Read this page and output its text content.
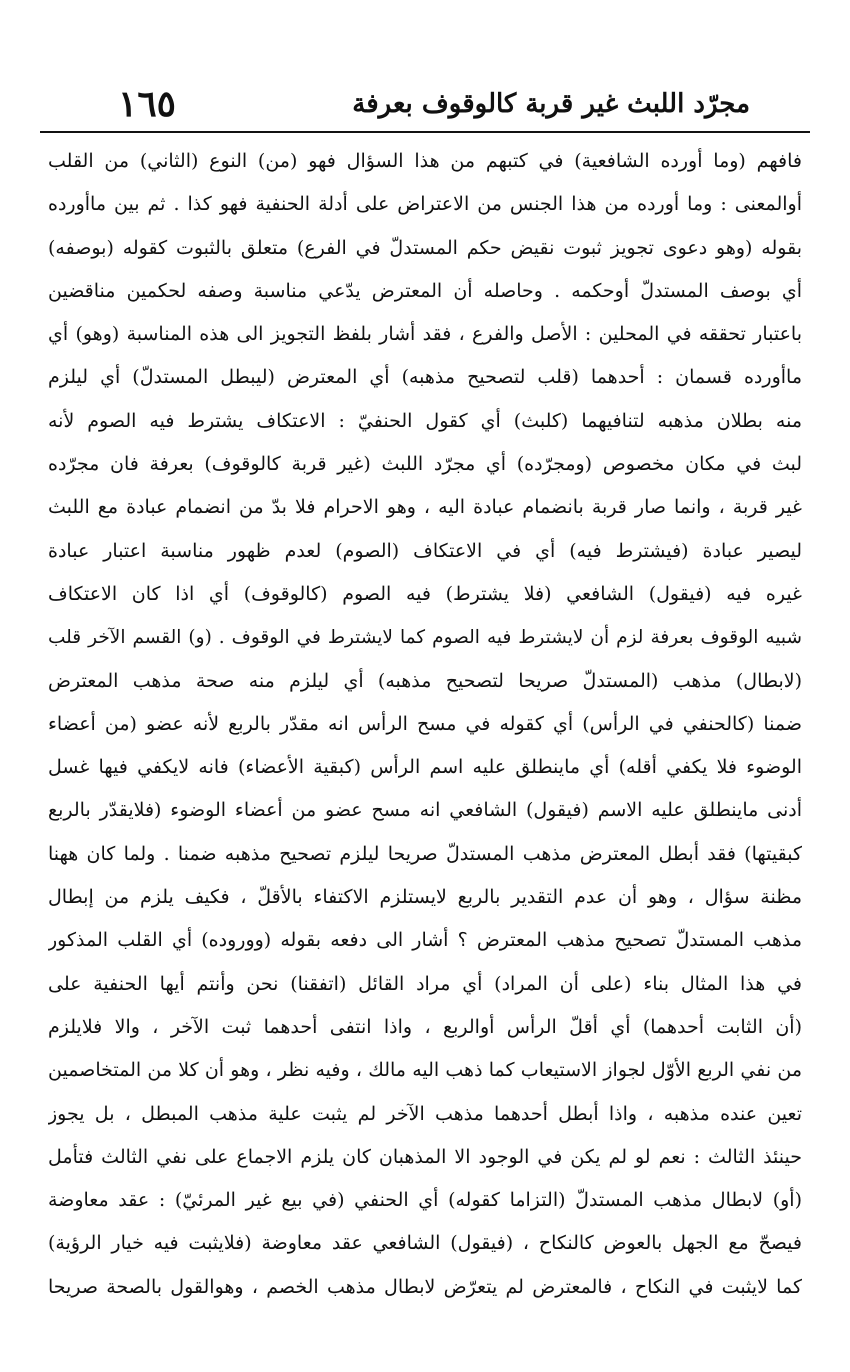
١٦٥	مجرّد اللبث غير قربة كالوقوف بعرفة
فافهم (وما أورده الشافعية) في كتبهم من هذا السؤال فهو (من) النوع (الثاني) من القلب
أوالمعنى : وما أورده من هذا الجنس من الاعتراض على أدلة الحنفية فهو كذا . ثم بين ماأورده
بقوله (وهو دعوى تجويز ثبوت نقيض حكم المستدلّ في الفرع) متعلق بالثبوت كقوله (بوصفه)
أي بوصف المستدلّ أوحكمه . وحاصله أن المعترض يدّعي مناسبة وصفه لحكمين مناقضين
باعتبار تحققه في المحلين : الأصل والفرع ، فقد أشار بلفظ التجويز الى هذه المناسبة (وهو) أي
ماأورده قسمان : أحدهما (قلب لتصحيح مذهبه) أي المعترض (ليبطل المستدلّ) أي ليلزم
منه بطلان مذهبه لتنافيهما (كلبث) أي كقول الحنفيّ : الاعتكاف يشترط فيه الصوم لأنه
لبث في مكان مخصوص (ومجرّده) أي مجرّد اللبث (غير قربة كالوقوف) بعرفة فان مجرّده
غير قربة ، وانما صار قربة بانضمام عبادة اليه ، وهو الاحرام فلا بدّ من انضمام عبادة مع اللبث
ليصير عبادة (فيشترط فيه) أي في الاعتكاف (الصوم) لعدم ظهور مناسبة اعتبار عبادة
غيره فيه (فيقول) الشافعي (فلا يشترط) فيه الصوم (كالوقوف) أي اذا كان الاعتكاف
شبيه الوقوف بعرفة لزم أن لايشترط فيه الصوم كما لايشترط في الوقوف . (و) القسم الآخر قلب
(لابطال) مذهب (المستدلّ صريحا لتصحيح مذهبه) أي ليلزم منه صحة مذهب المعترض
ضمنا (كالحنفي في الرأس) أي كقوله في مسح الرأس انه مقدّر بالربع لأنه عضو (من أعضاء
الوضوء فلا يكفي أقله) أي ماينطلق عليه اسم الرأس (كبقية الأعضاء) فانه لايكفي فيها غسل
أدنى ماينطلق عليه الاسم (فيقول) الشافعي انه مسح عضو من أعضاء الوضوء (فلايقدّر بالربع
كبقيتها) فقد أبطل المعترض مذهب المستدلّ صريحا ليلزم تصحيح مذهبه ضمنا . ولما كان ههنا
مظنة سؤال ، وهو أن عدم التقدير بالربع لايستلزم الاكتفاء بالأقلّ ، فكيف يلزم من إبطال
مذهب المستدلّ تصحيح مذهب المعترض ؟ أشار الى دفعه بقوله (ووروده) أي القلب المذكور
في هذا المثال بناء (على أن المراد) أي مراد القائل (اتفقنا) نحن وأنتم أيها الحنفية على
(أن الثابت أحدهما) أي أقلّ الرأس أوالربع ، واذا انتفى أحدهما ثبت الآخر ، والا فلايلزم
من نفي الربع الأوّل لجواز الاستيعاب كما ذهب اليه مالك ، وفيه نظر ، وهو أن كلا من المتخاصمين
تعين عنده مذهبه ، واذا أبطل أحدهما مذهب الآخر لم يثبت علية مذهب المبطل ، بل يجوز
حينئذ الثالث : نعم لو لم يكن في الوجود الا المذهبان كان يلزم الاجماع على نفي الثالث فتأمل
(أو) لابطال مذهب المستدلّ (التزاما كقوله) أي الحنفي (في بيع غير المرئيّ) : عقد معاوضة
فيصحّ مع الجهل بالعوض كالنكاح ، (فيقول) الشافعي عقد معاوضة (فلايثبت فيه خيار الرؤية)
كما لايثبت في النكاح ، فالمعترض لم يتعرّض لابطال مذهب الخصم ، وهوالقول بالصحة صريحا
